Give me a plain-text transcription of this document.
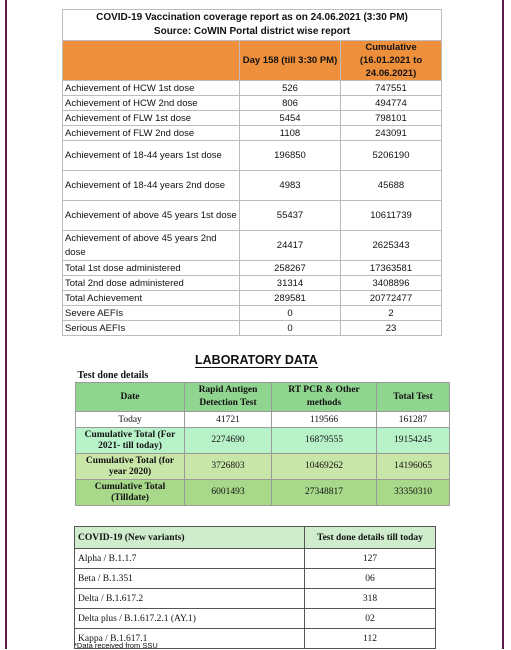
COVID-19 Vaccination coverage report as on 24.06.2021 (3:30 PM)
Source: CoWIN Portal district wise report		

	Day 158 (till 3:30 PM)	Cumulative (16.01.2021 to 24.06.2021)
Achievement of HCW 1st dose	526	747551
Achievement of HCW 2nd dose	806	494774
Achievement of FLW 1st dose	5454	798101
Achievement of FLW 2nd dose	1108	243091
Achievement of 18-44 years 1st dose	196850	5206190
Achievement of 18-44 years 2nd dose	4983	45688
Achievement of above 45 years 1st dose	55437	10611739
Achievement of above 45 years 2nd dose	24417	2625343
Total 1st dose administered	258267	17363581
Total 2nd dose administered	31314	3408896
Total Achievement	289581	20772477
Severe AEFIs	0	2
Serious AEFIs	0	23
LABORATORY DATA
Test done details			
Date	Rapid Antigen Detection Test	RT PCR & Other methods	Total Test
Today	41721	119566	161287
Cumulative Total (For 2021- till today)	2274690	16879555	19154245
Cumulative Total (for year 2020)	3726803	10469262	14196065
Cumulative Total (Tilldate)	6001493	27348817	33350310
COVID-19 (New variants)	Test done details till today
Alpha / B.1.1.7	127
Beta / B.1.351	06
Delta / B.1.617.2	318
Delta plus / B.1.617.2.1 (AY.1)	02
Kappa / B.1.617.1	112
*Data received from SSU
